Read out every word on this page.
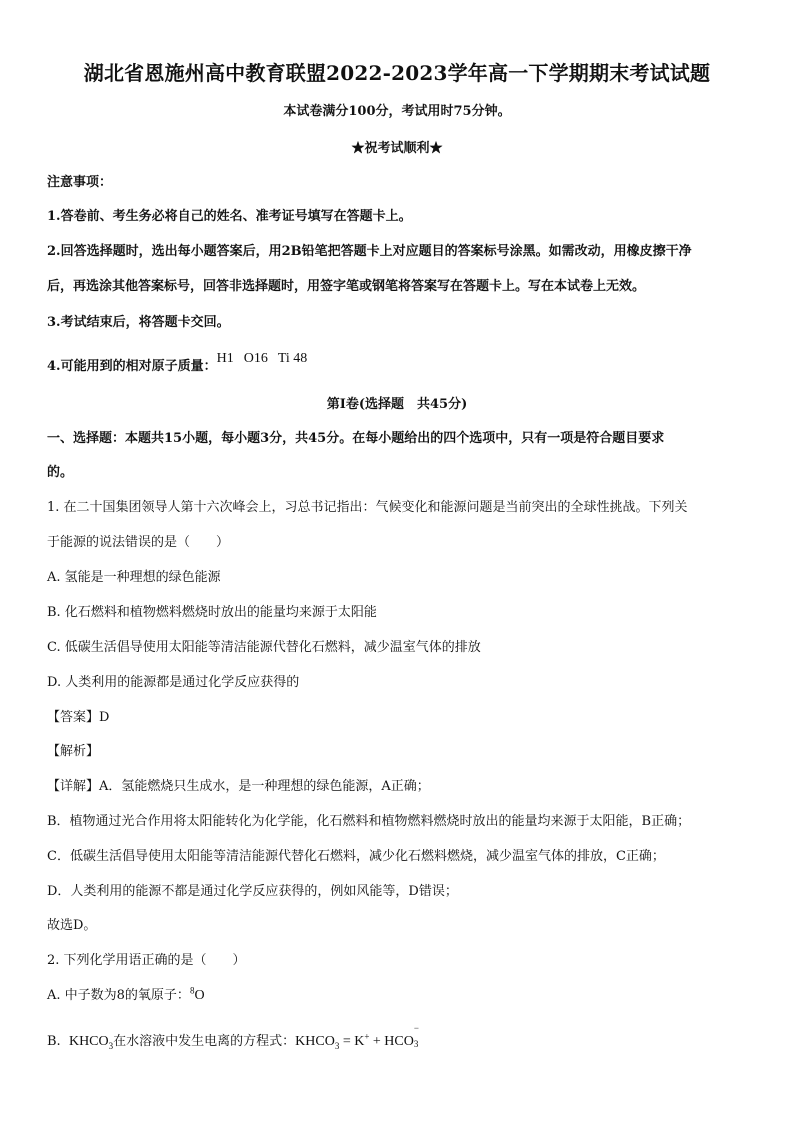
湖北省恩施州高中教育联盟2022-2023学年高一下学期期末考试试题
本试卷满分100分，考试用时75分钟。
★祝考试顺利★
注意事项：
1.答卷前、考生务必将自己的姓名、准考证号填写在答题卡上。
2.回答选择题时，选出每小题答案后，用2B铅笔把答题卡上对应题目的答案标号涂黑。如需改动，用橡皮擦干净
后，再选涂其他答案标号，回答非选择题时，用签字笔或钢笔将答案写在答题卡上。写在本试卷上无效。
3.考试结束后，将答题卡交回。
4.可能用到的相对原子质量：H1 O16 Ti 48
第Ⅰ卷(选择题　共45分)
一、选择题：本题共15小题，每小题3分，共45分。在每小题给出的四个选项中，只有一项是符合题目要求
的。
1. 在二十国集团领导人第十六次峰会上，习总书记指出：气候变化和能源问题是当前突出的全球性挑战。下列关
于能源的说法错误的是（　　）
A. 氢能是一种理想的绿色能源
B. 化石燃料和植物燃料燃烧时放出的能量均来源于太阳能
C. 低碳生活倡导使用太阳能等清洁能源代替化石燃料，减少温室气体的排放
D. 人类利用的能源都是通过化学反应获得的
【答案】D
【解析】
【详解】A．氢能燃烧只生成水，是一种理想的绿色能源，A正确；
B．植物通过光合作用将太阳能转化为化学能，化石燃料和植物燃料燃烧时放出的能量均来源于太阳能，B正确；
C．低碳生活倡导使用太阳能等清洁能源代替化石燃料，减少化石燃料燃烧，减少温室气体的排放，C正确；
D．人类利用的能源不都是通过化学反应获得的，例如风能等，D错误；
故选D。
2. 下列化学用语正确的是（　　）
A. 中子数为8的氧原子：$^8$O
B. $KHCO_3$在水溶液中发生电离的方程式：$KHCO_3 = K^+$ + HCO
−
3
